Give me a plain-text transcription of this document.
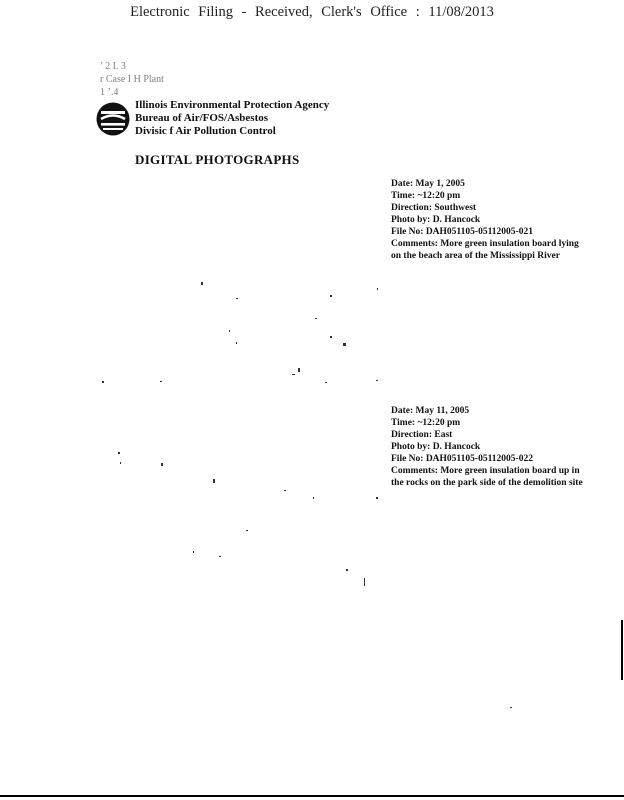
Electronic Filing - Received, Clerk's Office : 11/08/2013
’ 2 I. 3
r Case I H Plant
1 ’.4
Illinois Environmental Protection Agency
Bureau of Air/FOS/Asbestos
Divisic f Air Pollution Control
DIGITAL PHOTOGRAPHS
Date: May 1, 2005
Time: ~12:20 pm
Direction: Southwest
Photo by: D. Hancock
File No: DAH051105-05112005-021
Comments: More green insulation board lying
on the beach area of the Mississippi River
Date: May 11, 2005
Time: ~12:20 pm
Direction: East
Photo by: D. Hancock
File No: DAH051105-05112005-022
Comments: More green insulation board up in
the rocks on the park side of the demolition site
